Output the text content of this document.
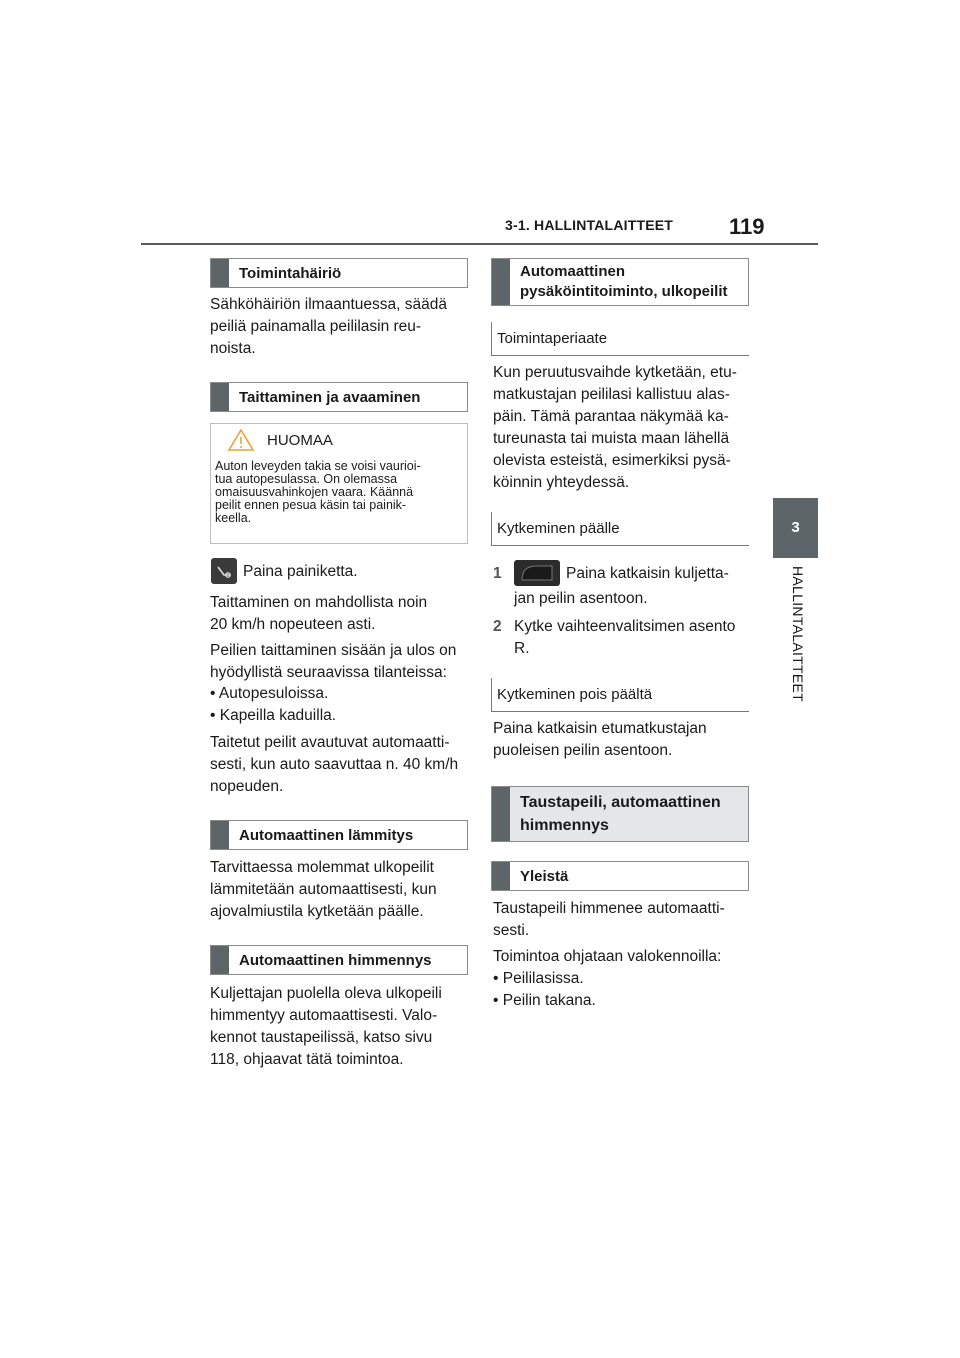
3-1. HALLINTALAITTEET	119
3
HALLINTALAITTEET
Toimintahäiriö
Sähköhäiriön ilmaantuessa, säädä
peiliä painamalla peililasin reu-
noista.
Taittaminen ja avaaminen
HUOMAA
Auton leveyden takia se voisi vaurioi-
tua autopesulassa. On olemassa
omaisuusvahinkojen vaara. Käännä
peilit ennen pesua käsin tai painik-
keella.
Paina painiketta.
Taittaminen on mahdollista noin
20 km/h nopeuteen asti.
Peilien taittaminen sisään ja ulos on
hyödyllistä seuraavissa tilanteissa:
• Autopesuloissa.
• Kapeilla kaduilla.
Taitetut peilit avautuvat automaatti-
sesti, kun auto saavuttaa n. 40 km/h
nopeuden.
Automaattinen lämmitys
Tarvittaessa molemmat ulkopeilit
lämmitetään automaattisesti, kun
ajovalmiustila kytketään päälle.
Automaattinen himmennys
Kuljettajan puolella oleva ulkopeili
himmentyy automaattisesti. Valo-
kennot taustapeilissä, katso sivu
118, ohjaavat tätä toimintoa.
Automaattinen
pysäköintitoiminto, ulkopeilit
Toimintaperiaate
Kun peruutusvaihde kytketään, etu-
matkustajan peililasi kallistuu alas-
päin. Tämä parantaa näkymää ka-
tureunasta tai muista maan lähellä
olevista esteistä, esimerkiksi pysä-
köinnin yhteydessä.
Kytkeminen päälle
1	Paina katkaisin kuljetta-
jan peilin asentoon.
2 Kytke vaihteenvalitsimen asento
R.
Kytkeminen pois päältä
Paina katkaisin etumatkustajan
puoleisen peilin asentoon.
Taustapeili, automaattinen
himmennys
Yleistä
Taustapeili himmenee automaatti-
sesti.
Toimintoa ohjataan valokennoilla:
• Peililasissa.
• Peilin takana.
